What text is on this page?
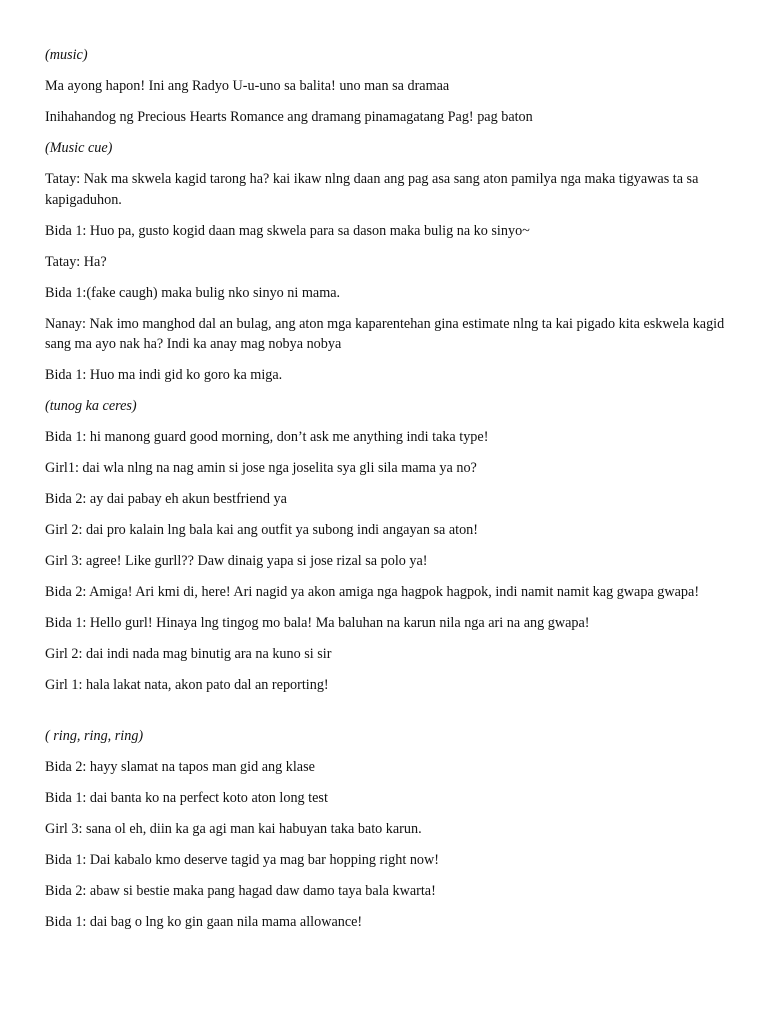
(music)

Ma ayong hapon! Ini ang Radyo U-u-uno sa balita! uno man sa dramaa

Inihahandog ng Precious Hearts Romance ang dramang pinamagatang Pag! pag baton

(Music cue)

Tatay: Nak ma skwela kagid tarong ha? kai ikaw nlng daan ang pag asa sang aton pamilya nga maka tigyawas ta sa kapigaduhon.

Bida 1: Huo pa, gusto kogid daan mag skwela para sa dason maka bulig na ko sinyo~

Tatay: Ha?

Bida 1:(fake caugh) maka bulig nko sinyo ni mama.

Nanay: Nak imo manghod dal an bulag, ang aton mga kaparentehan gina estimate nlng ta kai pigado kita eskwela kagid sang ma ayo nak ha? Indi ka anay mag nobya nobya

Bida 1: Huo ma indi gid ko goro ka miga.

(tunog ka ceres)

Bida 1: hi manong guard good morning, don’t ask me anything indi taka type!

Girl1: dai wla nlng na nag amin si jose nga joselita sya gli sila mama ya no?

Bida 2: ay dai pabay eh akun bestfriend ya

Girl 2: dai pro kalain lng bala kai ang outfit ya subong indi angayan sa aton!

Girl 3: agree! Like gurll?? Daw dinaig yapa si jose rizal sa polo ya!

Bida 2: Amiga! Ari kmi di, here! Ari nagid ya akon amiga nga hagpok hagpok, indi namit namit kag gwapa gwapa!

Bida 1: Hello gurl! Hinaya lng tingog mo bala! Ma baluhan na karun nila nga ari na ang gwapa!

Girl 2: dai indi nada mag binutig ara na kuno si sir

Girl 1: hala lakat nata, akon pato dal an reporting!

( ring, ring, ring)

Bida 2: hayy slamat na tapos man gid ang klase

Bida 1: dai banta ko na perfect koto aton long test

Girl 3: sana ol eh, diin ka ga agi man kai habuyan taka bato karun.

Bida 1: Dai kabalo kmo deserve tagid ya mag bar hopping right now!

Bida 2: abaw si bestie maka pang hagad daw damo taya bala kwarta!

Bida 1: dai bag o lng ko gin gaan nila mama allowance!
